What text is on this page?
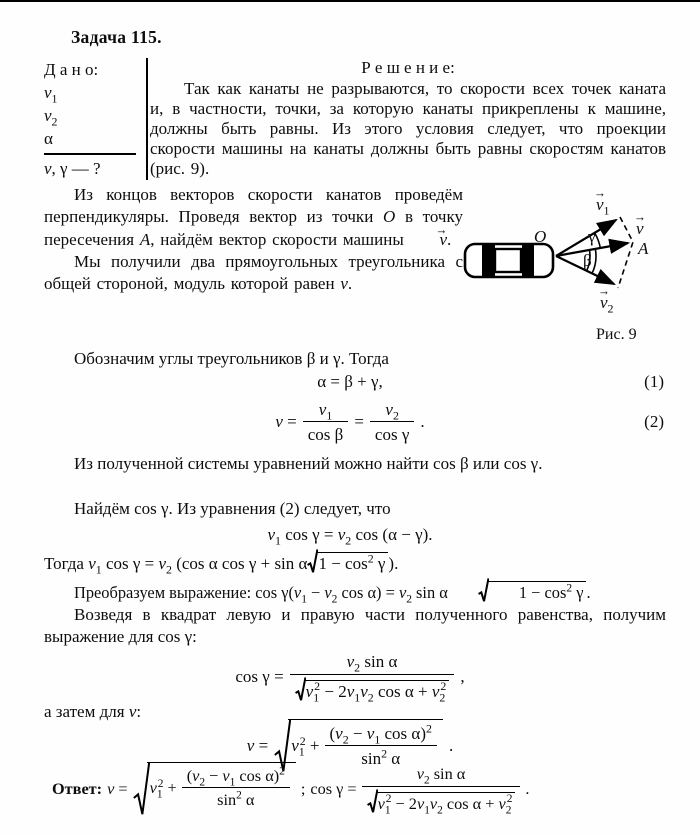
Задача 115.
Д а н о:
$v_1$
$v_2$
α
v, γ — ?
Р е ш е н и е:
Так как канаты не разрываются, то скорости всех точек каната и, в частности, точки, за которую канаты прикреплены к машине, должны быть равны. Из этого условия следует, что проекции скорости машины на канаты должны быть равны скоростям канатов (рис. 9).

Из концов векторов скорости канатов проведём перпендикуляры. Проведя вектор из точки O в точку пересечения A, найдём вектор скорости машины → v.

Мы получили два прямоугольных треугольника с общей стороной, модуль которой равен v.

O
→ $v_1$
→ v
A
γ
β
→ $v_2$
Рис. 9
Обозначим углы треугольников β и γ. Тогда
α = β + γ,	(1)
$v = \frac{v_1}{\text{cos β}} = \frac{v_2}{\text{cos γ}}$ .	(2)
Из полученной системы уравнений можно найти cos β или cos γ.
Найдём cos γ. Из уравнения (2) следует, что
$v_1$ $\cos \gamma = v_2$ cos (α − γ).
Тогда $v_1$ $\cos \gamma = v_2$ (cos α cos γ + sin α $1 - \cos^2 \gamma$ ).
Преобразуем выражение: $\cos \gamma(v_1 - v_2$ $\cos \alpha) = v_2$ sin α	$1 - \cos^2 \gamma$ .
Возведя в квадрат левую и правую части полученного равенства, получим выражение для cos γ:
$\cos \gamma = \frac{v_2 \sin \alpha}{v_1^2 - 2v_1v_2 \cos \alpha + v_2^2}$ ,
а затем для v:
$v = v_1^2 + \frac{(v_2 - v_1 \cos \alpha)^2}{\sin^2 \alpha}$ .
Ответ: $v = v_1^2 + \frac{(v_2 - v_1 \cos \alpha)^2}{\sin^2 \alpha}$ ; $\cos \gamma = \frac{v_2 \sin \alpha}{v_1^2 - 2v_1v_2 \cos \alpha + v_2^2}$ .
